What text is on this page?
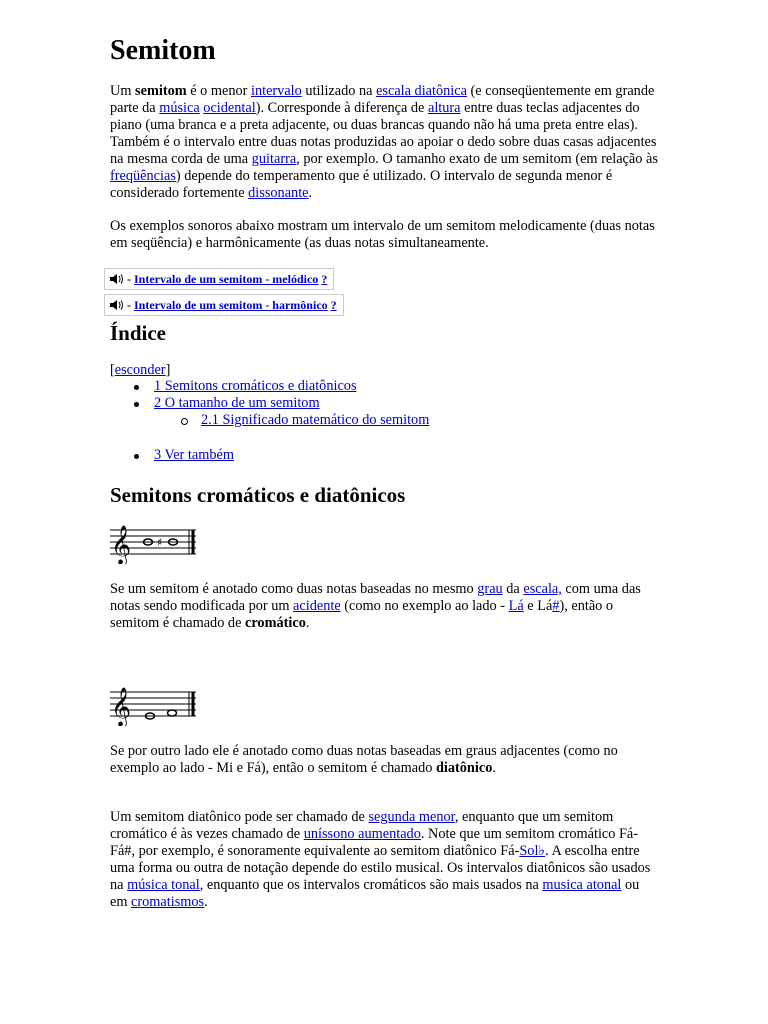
Semitom

Um semitom é o menor intervalo utilizado na escala diatônica (e conseqüentemente em grande parte da música ocidental). Corresponde à diferença de altura entre duas teclas adjacentes do piano (uma branca e a preta adjacente, ou duas brancas quando não há uma preta entre elas). Também é o intervalo entre duas notas produzidas ao apoiar o dedo sobre duas casas adjacentes na mesma corda de uma guitarra, por exemplo. O tamanho exato de um semitom (em relação às freqüências) depende do temperamento que é utilizado. O intervalo de segunda menor é considerado fortemente dissonante.

Os exemplos sonoros abaixo mostram um intervalo de um semitom melodicamente (duas notas em seqüência) e harmônicamente (as duas notas simultaneamente.

- Intervalo de um semitom - melódico ?
- Intervalo de um semitom - harmônico ?
Índice

[esconder]

1 Semitons cromáticos e diatônicos
2 O tamanho de um semitom
2.1 Significado matemático do semitom
3 Ver também
Semitons cromáticos e diatônicos
𝄞 ♯

Se um semitom é anotado como duas notas baseadas no mesmo grau da escala, com uma das notas sendo modificada por um acidente (como no exemplo ao lado - Lá e Lá#), então o semitom é chamado de cromático.

𝄞

Se por outro lado ele é anotado como duas notas baseadas em graus adjacentes (como no exemplo ao lado - Mi e Fá), então o semitom é chamado diatônico.

Um semitom diatônico pode ser chamado de segunda menor, enquanto que um semitom cromático é às vezes chamado de uníssono aumentado. Note que um semitom cromático Fá-Fá#, por exemplo, é sonoramente equivalente ao semitom diatônico Fá-Sol♭. A escolha entre uma forma ou outra de notação depende do estilo musical. Os intervalos diatônicos são usados na música tonal, enquanto que os intervalos cromáticos são mais usados na musica atonal ou em cromatismos.
